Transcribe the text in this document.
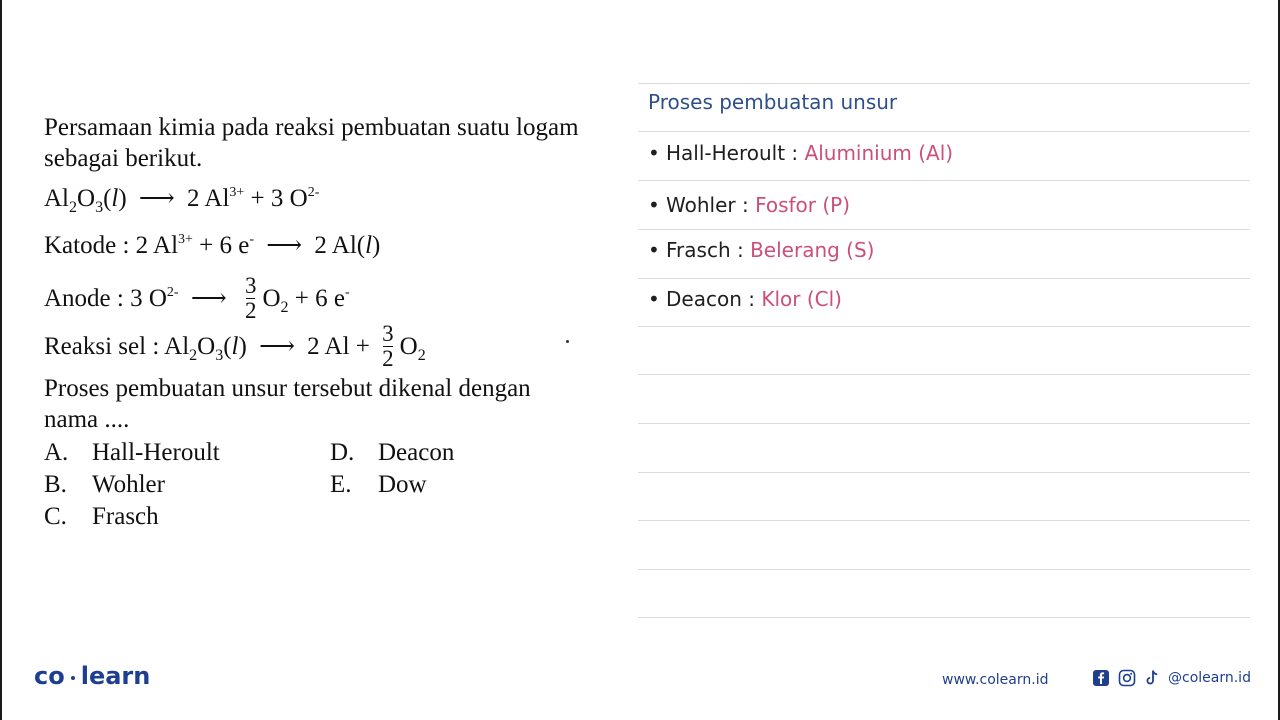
Persamaan kimia pada reaksi pembuatan suatu logam
sebagai berikut.
$Al_2O_3(l)$ ⟶ 2 $Al^{3+} + 3$ $O^{2-}$
Katode : 2 $Al^{3+} + 6$ e- ⟶ 2 Al(l)
Anode : 3 $O^{2-}$ ⟶ $\frac{3}{2} O_2 + 6$ e-
Reaksi sel : $Al_2O_3(l)$ ⟶ 2 $Al + \frac{3}{2} O_2$
Proses pembuatan unsur tersebut dikenal dengan
nama ....
A. Hall-Heroult
B. Wohler
C. Frasch
D. Deacon
E. Dow
Proses pembuatan unsur
• Hall-Heroult : Aluminium (Al)
• Wohler : Fosfor (P)
• Frasch : Belerang (S)
• Deacon : Klor (Cl)
co learn	www.colearn.id	@colearn.id
